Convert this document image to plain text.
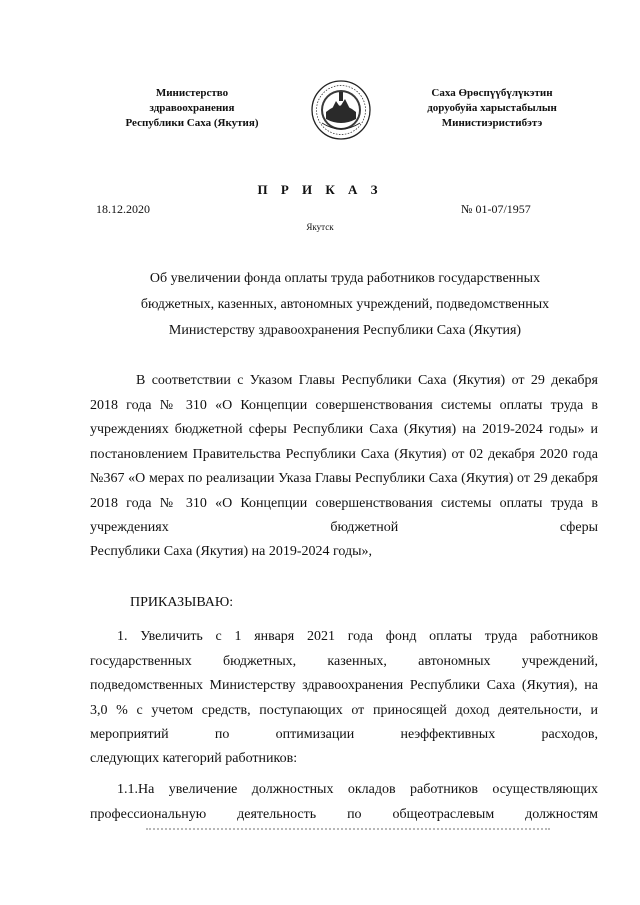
Министерство
здравоохранения
Республики Саха (Якутия)
Саха Өрөспүүбүлүкэтин
доруобуйа харыстабылын
Министиэристибэтэ
П Р И К А З
18.12.2020	№ 01-07/1957
Якутск
Об увеличении фонда оплаты труда работников государственных
бюджетных, казенных, автономных учреждений, подведомственных
Министерству здравоохранения Республики Саха (Якутия)
В соответствии с Указом Главы Республики Саха (Якутия) от 29 декабря 2018 года № 310 «О Концепции совершенствования системы оплаты труда в учреждениях бюджетной сферы Республики Саха (Якутия) на 2019-2024 годы» и постановлением Правительства Республики Саха (Якутия) от 02 декабря 2020 года №367 «О мерах по реализации Указа Главы Республики Саха (Якутия) от 29 декабря 2018 года № 310 «О Концепции совершенствования системы оплаты труда в учреждениях бюджетной сферы
Республики Саха (Якутия) на 2019-2024 годы»,
ПРИКАЗЫВАЮ:
1. Увеличить с 1 января 2021 года фонд оплаты труда работников государственных бюджетных, казенных, автономных учреждений, подведомственных Министерству здравоохранения Республики Саха (Якутия), на 3,0 % с учетом средств, поступающих от приносящей доход деятельности, и мероприятий по оптимизации неэффективных расходов,
следующих категорий работников:
1.1.На увеличение должностных окладов работников осуществляющих профессиональную деятельность по общеотраслевым должностям
